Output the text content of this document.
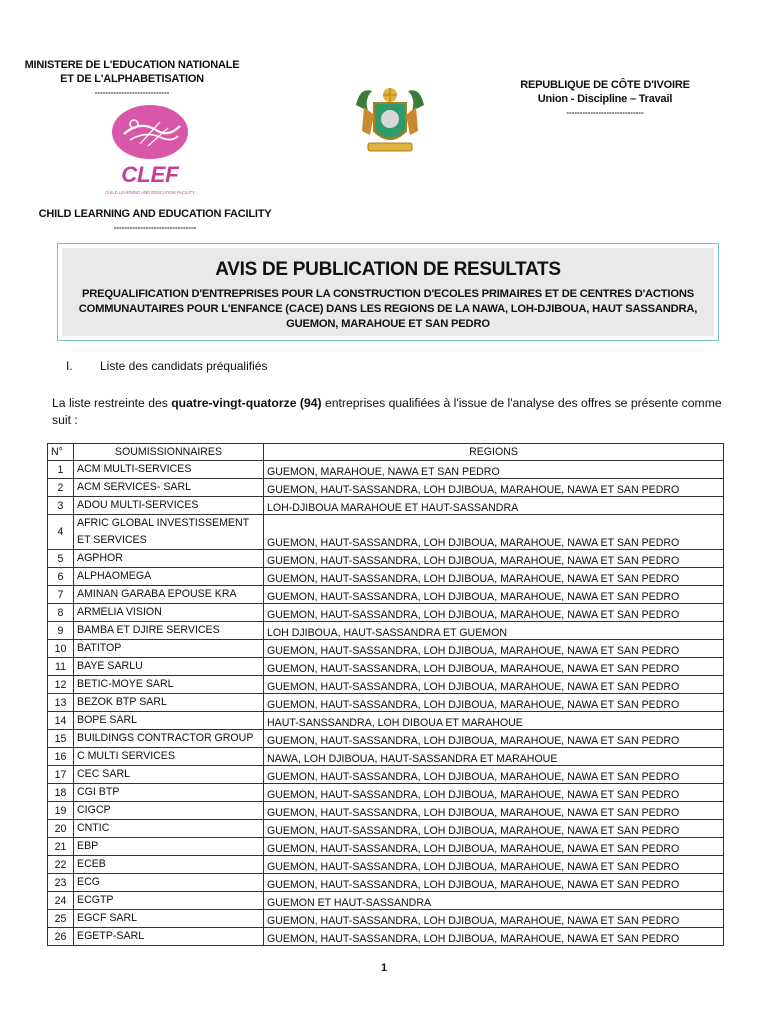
MINISTERE DE L'EDUCATION NATIONALE
ET DE L'ALPHABETISATION
----------------------------
REPUBLIQUE DE CÔTE D'IVOIRE
Union - Discipline – Travail
-----------------------------
CLEF
CHILD LEARNING AND EDUCATION FACILITY
CHILD LEARNING AND EDUCATION FACILITY
-------------------------------
AVIS DE PUBLICATION DE RESULTATS
PREQUALIFICATION D'ENTREPRISES POUR LA CONSTRUCTION D'ECOLES PRIMAIRES ET DE CENTRES D'ACTIONS COMMUNAUTAIRES POUR L'ENFANCE (CACE) DANS LES REGIONS DE LA NAWA, LOH-DJIBOUA, HAUT SASSANDRA, GUEMON, MARAHOUE ET SAN PEDRO
I. Liste des candidats préqualifiés
La liste restreinte des quatre-vingt-quatorze (94) entreprises qualifiées à l'issue de l'analyse des offres se présente comme suit :
N°	SOUMISSIONNAIRES	REGIONS
1	ACM MULTI-SERVICES	GUEMON, MARAHOUE, NAWA ET SAN PEDRO
2	ACM SERVICES- SARL	GUEMON, HAUT-SASSANDRA, LOH DJIBOUA, MARAHOUE, NAWA ET SAN PEDRO
3	ADOU MULTI-SERVICES	LOH-DJIBOUA MARAHOUE ET HAUT-SASSANDRA
4	AFRIC GLOBAL INVESTISSEMENT ET SERVICES	GUEMON, HAUT-SASSANDRA, LOH DJIBOUA, MARAHOUE, NAWA ET SAN PEDRO
5	AGPHOR	GUEMON, HAUT-SASSANDRA, LOH DJIBOUA, MARAHOUE, NAWA ET SAN PEDRO
6	ALPHAOMEGA	GUEMON, HAUT-SASSANDRA, LOH DJIBOUA, MARAHOUE, NAWA ET SAN PEDRO
7	AMINAN GARABA EPOUSE KRA	GUEMON, HAUT-SASSANDRA, LOH DJIBOUA, MARAHOUE, NAWA ET SAN PEDRO
8	ARMELIA VISION	GUEMON, HAUT-SASSANDRA, LOH DJIBOUA, MARAHOUE, NAWA ET SAN PEDRO
9	BAMBA ET DJIRE SERVICES	LOH DJIBOUA, HAUT-SASSANDRA ET GUEMON
10	BATITOP	GUEMON, HAUT-SASSANDRA, LOH DJIBOUA, MARAHOUE, NAWA ET SAN PEDRO
11	BAYE SARLU	GUEMON, HAUT-SASSANDRA, LOH DJIBOUA, MARAHOUE, NAWA ET SAN PEDRO
12	BETIC-MOYE SARL	GUEMON, HAUT-SASSANDRA, LOH DJIBOUA, MARAHOUE, NAWA ET SAN PEDRO
13	BEZOK BTP SARL	GUEMON, HAUT-SASSANDRA, LOH DJIBOUA, MARAHOUE, NAWA ET SAN PEDRO
14	BOPE SARL	HAUT-SANSSANDRA, LOH DIBOUA ET MARAHOUE
15	BUILDINGS CONTRACTOR GROUP	GUEMON, HAUT-SASSANDRA, LOH DJIBOUA, MARAHOUE, NAWA ET SAN PEDRO
16	C MULTI SERVICES	NAWA, LOH DJIBOUA, HAUT-SASSANDRA ET MARAHOUE
17	CEC SARL	GUEMON, HAUT-SASSANDRA, LOH DJIBOUA, MARAHOUE, NAWA ET SAN PEDRO
18	CGI BTP	GUEMON, HAUT-SASSANDRA, LOH DJIBOUA, MARAHOUE, NAWA ET SAN PEDRO
19	CIGCP	GUEMON, HAUT-SASSANDRA, LOH DJIBOUA, MARAHOUE, NAWA ET SAN PEDRO
20	CNTIC	GUEMON, HAUT-SASSANDRA, LOH DJIBOUA, MARAHOUE, NAWA ET SAN PEDRO
21	EBP	GUEMON, HAUT-SASSANDRA, LOH DJIBOUA, MARAHOUE, NAWA ET SAN PEDRO
22	ECEB	GUEMON, HAUT-SASSANDRA, LOH DJIBOUA, MARAHOUE, NAWA ET SAN PEDRO
23	ECG	GUEMON, HAUT-SASSANDRA, LOH DJIBOUA, MARAHOUE, NAWA ET SAN PEDRO
24	ECGTP	GUEMON ET HAUT-SASSANDRA
25	EGCF SARL	GUEMON, HAUT-SASSANDRA, LOH DJIBOUA, MARAHOUE, NAWA ET SAN PEDRO
26	EGETP-SARL	GUEMON, HAUT-SASSANDRA, LOH DJIBOUA, MARAHOUE, NAWA ET SAN PEDRO
1
